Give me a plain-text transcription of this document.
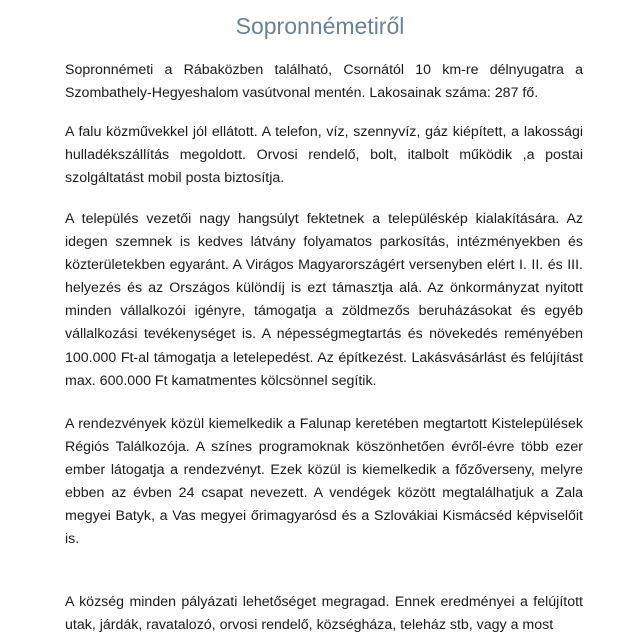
Sopronnémetiről

Sopronnémeti a Rábaközben található, Csornától 10 km-re délnyugatra a Szombathely-Hegyeshalom vasútvonal mentén. Lakosainak száma: 287 fő.

A falu közművekkel jól ellátott. A telefon, víz, szennyvíz, gáz kiépített, a lakossági hulladékszállítás megoldott. Orvosi rendelő, bolt, italbolt működik ,a postai szolgáltatást mobil posta biztosítja.

A település vezetői nagy hangsúlyt fektetnek a településkép kialakítására. Az idegen szemnek is kedves látvány folyamatos parkosítás, intézményekben és közterületekben egyaránt. A Virágos Magyarországért versenyben elért I. II. és III. helyezés és az Országos különdíj is ezt támasztja alá. Az önkormányzat nyitott minden vállalkozói igényre, támogatja a zöldmezős beruházásokat és egyéb vállalkozási tevékenységet is. A népességmegtartás és növekedés reményében 100.000 Ft-al támogatja a letelepedést. Az építkezést. Lakásvásárlást és felújítást max. 600.000 Ft kamatmentes kölcsönnel segítik.

A rendezvények közül kiemelkedik a Falunap keretében megtartott Kistelepülések Régiós Találkozója. A színes programoknak köszönhetően évről-évre több ezer ember látogatja a rendezvényt. Ezek közül is kiemelkedik a főzőverseny, melyre ebben az évben 24 csapat nevezett. A vendégek között megtalálhatjuk a Zala megyei Batyk, a Vas megyei őrimagyarósd és a Szlovákiai Kismácséd képviselőit is.

A község minden pályázati lehetőséget megragad. Ennek eredményei a felújított utak, járdák, ravatalozó, orvosi rendelő, községháza, teleház stb, vagy a most
